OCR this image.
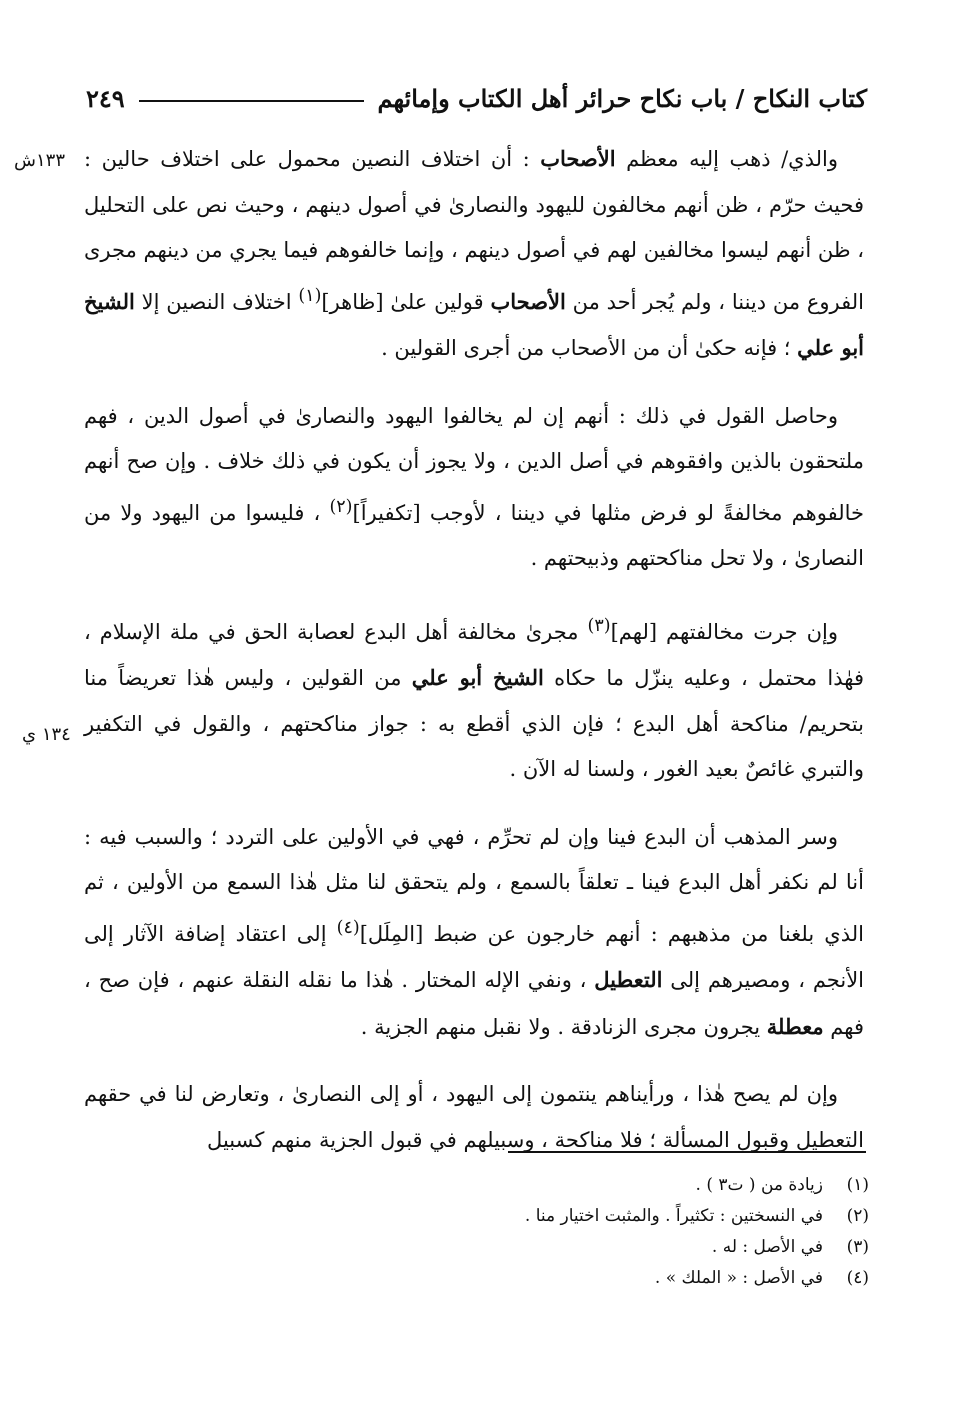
كتاب النكاح / باب نكاح حرائر أهل الكتاب وإمائهم
٢٤٩
١٣٣ش
١٣٤ ي

والذي/ ذهب إليه معظم الأصحاب : أن اختلاف النصين محمول على اختلاف حالين : فحيث حرّم ، ظن أنهم مخالفون لليهود والنصارىٰ في أصول دينهم ، وحيث نص على التحليل ، ظن أنهم ليسوا مخالفين لهم في أصول دينهم ، وإنما خالفوهم فيما يجري من دينهم مجرى الفروع من ديننا ، ولم يُجر أحد من الأصحاب قولين علىٰ [ظاهر]$^{(١)}$ اختلاف النصين إلا الشيخ أبو علي ؛ فإنه حكىٰ أن من الأصحاب من أجرى القولين .

وحاصل القول في ذلك : أنهم إن لم يخالفوا اليهود والنصارىٰ في أصول الدين ، فهم ملتحقون بالذين وافقوهم في أصل الدين ، ولا يجوز أن يكون في ذلك خلاف . وإن صح أنهم خالفوهم مخالفةً لو فرض مثلها في ديننا ، لأوجب [تكفيراً]$^{(٢)}$ ، فليسوا من اليهود ولا من النصارىٰ ، ولا تحل مناكحتهم وذبيحتهم .

وإن جرت مخالفتهم [لهم]$^{(٣)}$ مجرىٰ مخالفة أهل البدع لعصابة الحق في ملة الإسلام ، فهٰذا محتمل ، وعليه ينزّل ما حكاه الشيخ أبو علي من القولين ، وليس هٰذا تعريضاً منا بتحريم/ مناكحة أهل البدع ؛ فإن الذي أقطع به : جواز مناكحتهم ، والقول في التكفير والتبري غائصٌ بعيد الغور ، ولسنا له الآن .

وسر المذهب أن البدع فينا وإن لم تحرِّم ، فهي في الأولين على التردد ؛ والسبب فيه : أنا لم نكفر أهل البدع فينا ـ تعلقاً بالسمع ، ولم يتحقق لنا مثل هٰذا السمع من الأولين ، ثم الذي بلغنا من مذهبهم : أنهم خارجون عن ضبط [المِلَل]$^{(٤)}$ إلى اعتقاد إضافة الآثار إلى الأنجم ، ومصيرهم إلى التعطيل ، ونفي الإله المختار . هٰذا ما نقله النقلة عنهم ، فإن صح ، فهم معطلة يجرون مجرى الزنادقة . ولا نقبل منهم الجزية .

وإن لم يصح هٰذا ، ورأيناهم ينتمون إلى اليهود ، أو إلى النصارىٰ ، وتعارض لنا في حقهم التعطيل وقبول المسألة ؛ فلا مناكحة ، وسبيلهم في قبول الجزية منهم كسبيل

(١)
زيادة من ( ت٣ ) .
(٢)
في النسختين : تكثيراً . والمثبت اختيار منا .
(٣)
في الأصل : له .
(٤)
في الأصل : « الملك » .
